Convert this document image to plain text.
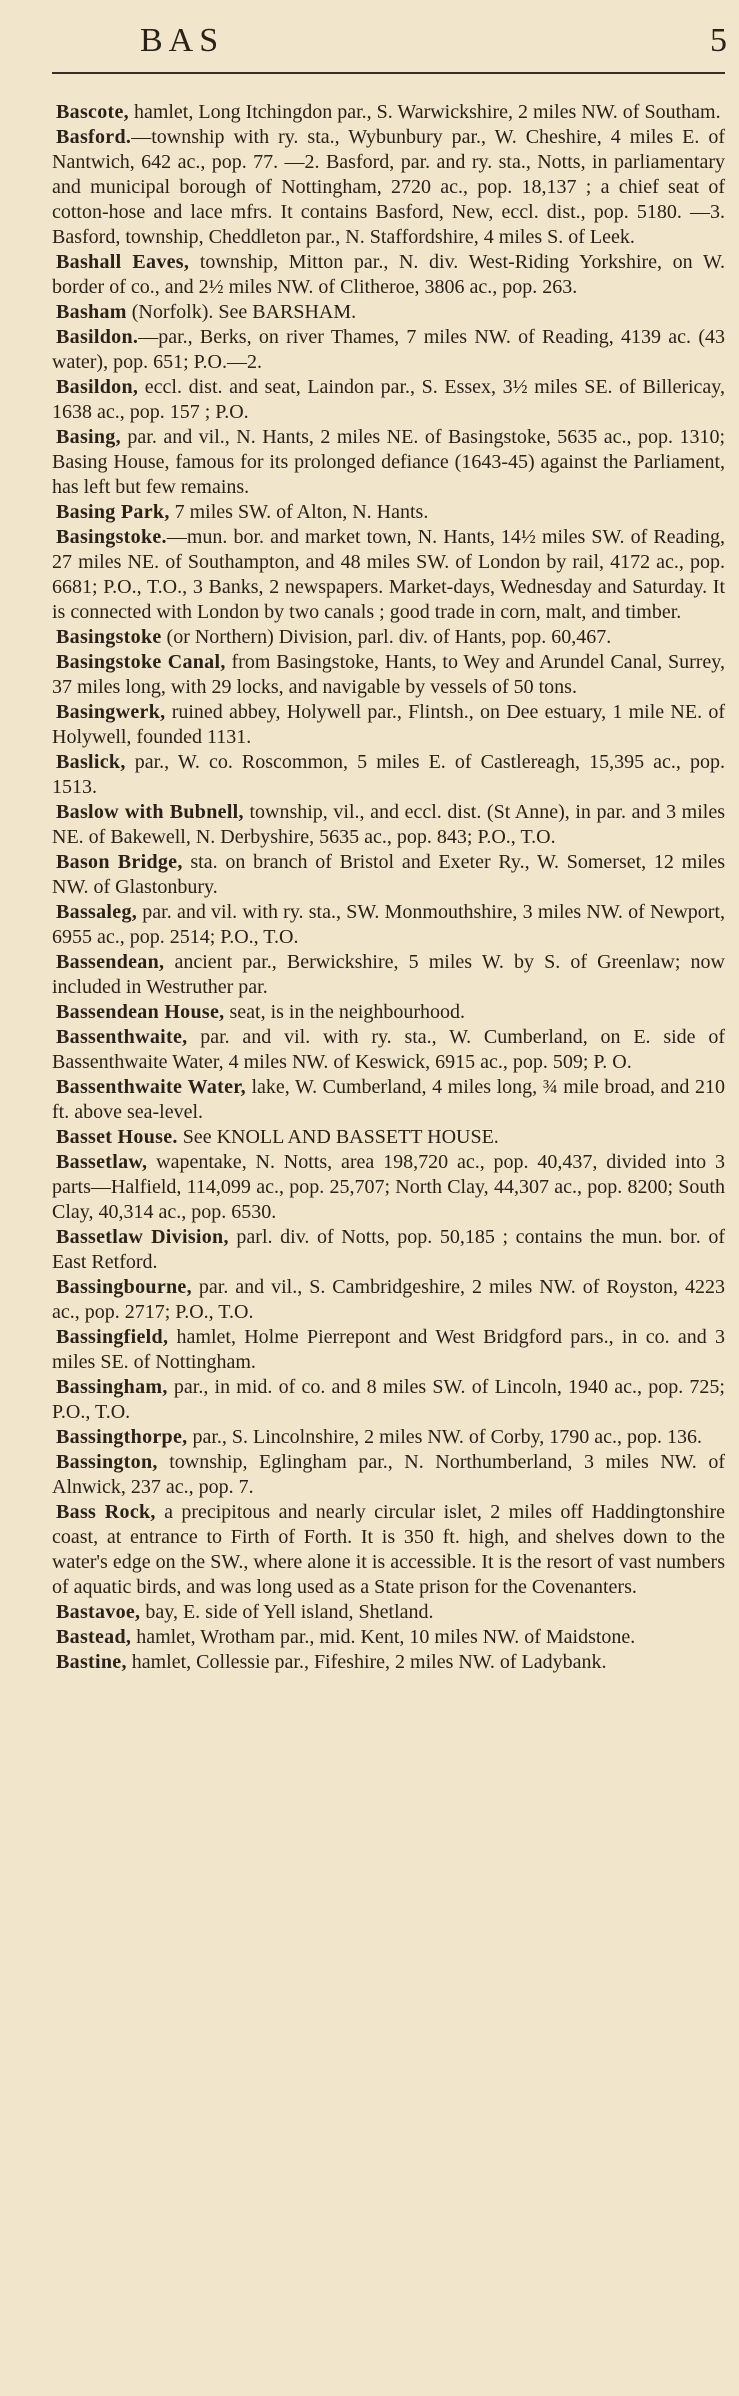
BAS	5

Bascote, hamlet, Long Itchingdon par., S. Warwickshire, 2 miles NW. of Southam.

Basford.—township with ry. sta., Wybunbury par., W. Cheshire, 4 miles E. of Nantwich, 642 ac., pop. 77. —2. Basford, par. and ry. sta., Notts, in parliamentary and municipal borough of Nottingham, 2720 ac., pop. 18,137 ; a chief seat of cotton-hose and lace mfrs. It contains Basford, New, eccl. dist., pop. 5180. —3. Basford, township, Cheddleton par., N. Staffordshire, 4 miles S. of Leek.

Bashall Eaves, township, Mitton par., N. div. West-Riding Yorkshire, on W. border of co., and 2½ miles NW. of Clitheroe, 3806 ac., pop. 263.

Basham (Norfolk). See BARSHAM.

Basildon.—par., Berks, on river Thames, 7 miles NW. of Reading, 4139 ac. (43 water), pop. 651; P.O.—2.

Basildon, eccl. dist. and seat, Laindon par., S. Essex, 3½ miles SE. of Billericay, 1638 ac., pop. 157 ; P.O.

Basing, par. and vil., N. Hants, 2 miles NE. of Basingstoke, 5635 ac., pop. 1310; Basing House, famous for its prolonged defiance (1643-45) against the Parliament, has left but few remains.

Basing Park, 7 miles SW. of Alton, N. Hants.

Basingstoke.—mun. bor. and market town, N. Hants, 14½ miles SW. of Reading, 27 miles NE. of Southampton, and 48 miles SW. of London by rail, 4172 ac., pop. 6681; P.O., T.O., 3 Banks, 2 newspapers. Market-days, Wednesday and Saturday. It is connected with London by two canals ; good trade in corn, malt, and timber.

Basingstoke (or Northern) Division, parl. div. of Hants, pop. 60,467.

Basingstoke Canal, from Basingstoke, Hants, to Wey and Arundel Canal, Surrey, 37 miles long, with 29 locks, and navigable by vessels of 50 tons.

Basingwerk, ruined abbey, Holywell par., Flintsh., on Dee estuary, 1 mile NE. of Holywell, founded 1131.

Baslick, par., W. co. Roscommon, 5 miles E. of Castlereagh, 15,395 ac., pop. 1513.

Baslow with Bubnell, township, vil., and eccl. dist. (St Anne), in par. and 3 miles NE. of Bakewell, N. Derbyshire, 5635 ac., pop. 843; P.O., T.O.

Bason Bridge, sta. on branch of Bristol and Exeter Ry., W. Somerset, 12 miles NW. of Glastonbury.

Bassaleg, par. and vil. with ry. sta., SW. Monmouthshire, 3 miles NW. of Newport, 6955 ac., pop. 2514; P.O., T.O.

Bassendean, ancient par., Berwickshire, 5 miles W. by S. of Greenlaw; now included in Westruther par.

Bassendean House, seat, is in the neighbourhood.

Bassenthwaite, par. and vil. with ry. sta., W. Cumberland, on E. side of Bassenthwaite Water, 4 miles NW. of Keswick, 6915 ac., pop. 509; P. O.

Bassenthwaite Water, lake, W. Cumberland, 4 miles long, ¾ mile broad, and 210 ft. above sea-level.

Basset House. See KNOLL AND BASSETT HOUSE.

Bassetlaw, wapentake, N. Notts, area 198,720 ac., pop. 40,437, divided into 3 parts—Halfield, 114,099 ac., pop. 25,707; North Clay, 44,307 ac., pop. 8200; South Clay, 40,314 ac., pop. 6530.

Bassetlaw Division, parl. div. of Notts, pop. 50,185 ; contains the mun. bor. of East Retford.

Bassingbourne, par. and vil., S. Cambridgeshire, 2 miles NW. of Royston, 4223 ac., pop. 2717; P.O., T.O.

Bassingfield, hamlet, Holme Pierrepont and West Bridgford pars., in co. and 3 miles SE. of Nottingham.

Bassingham, par., in mid. of co. and 8 miles SW. of Lincoln, 1940 ac., pop. 725; P.O., T.O.

Bassingthorpe, par., S. Lincolnshire, 2 miles NW. of Corby, 1790 ac., pop. 136.

Bassington, township, Eglingham par., N. Northumberland, 3 miles NW. of Alnwick, 237 ac., pop. 7.

Bass Rock, a precipitous and nearly circular islet, 2 miles off Haddingtonshire coast, at entrance to Firth of Forth. It is 350 ft. high, and shelves down to the water's edge on the SW., where alone it is accessible. It is the resort of vast numbers of aquatic birds, and was long used as a State prison for the Covenanters.

Bastavoe, bay, E. side of Yell island, Shetland.

Bastead, hamlet, Wrotham par., mid. Kent, 10 miles NW. of Maidstone.

Bastine, hamlet, Collessie par., Fifeshire, 2 miles NW. of Ladybank.
